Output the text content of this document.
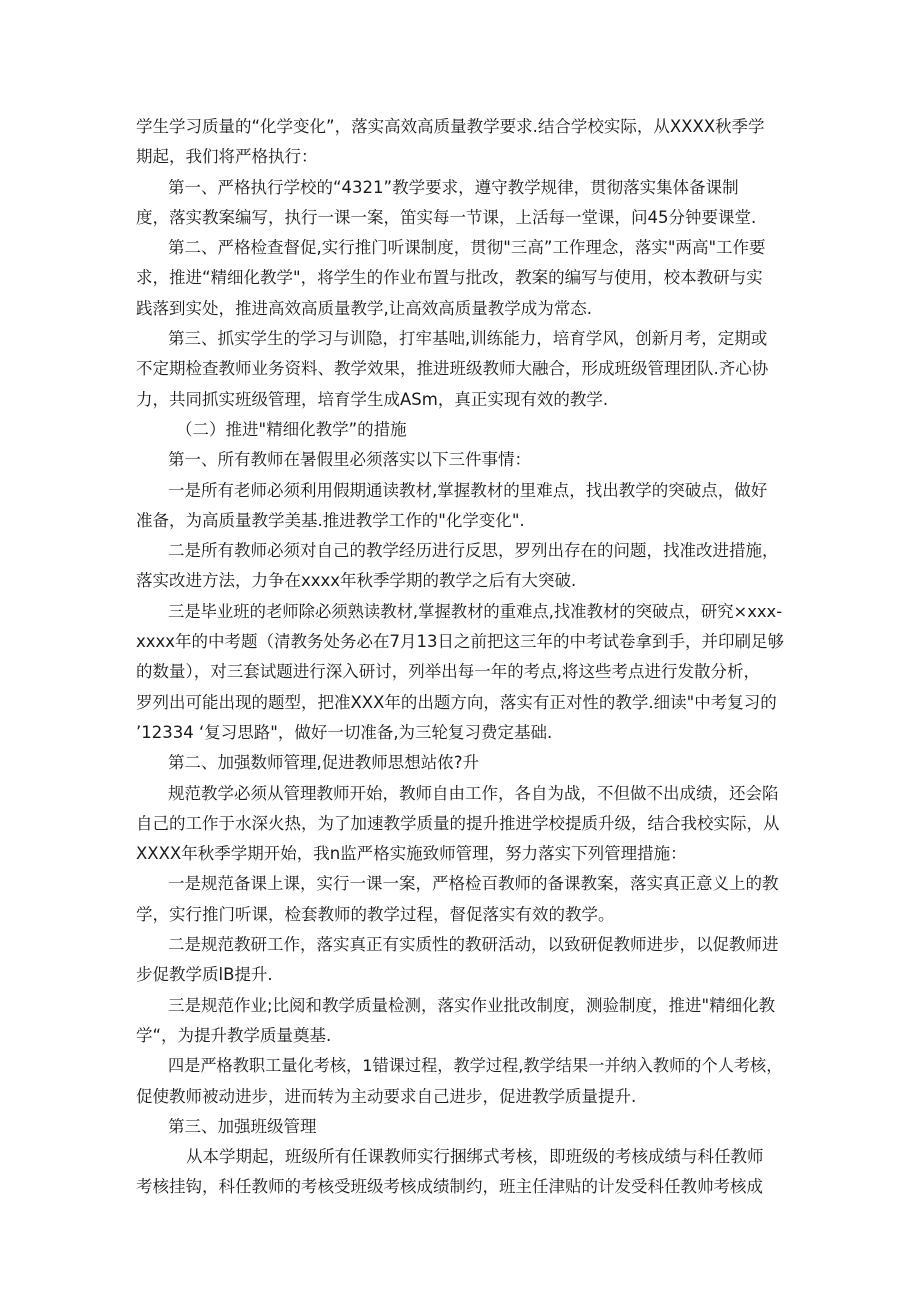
学生学习质量的“化学变化”，落实高效高质量教学要求.结合学校实际，从XXXX秋季学
期起，我们将严格执行：
第一、严格执行学校的“4321”教学要求，遵守教学规律，贯彻落实集体备课制
度，落实教案编写，执行一课一案，笛实每一节课，上活每一堂课，问45分钟要课堂.
第二、严格检查督促,实行推门听课制度，贯彻"三高”工作理念，落实"两高"工作要
求，推进“精细化教学"，将学生的作业布置与批改，教案的编写与使用，校本教研与实
践落到实处，推进高效高质量教学,让高效高质量教学成为常态.
第三、抓实学生的学习与训隐，打牢基咄,训练能力，培育学风，创新月考，定期或
不定期检查教师业务资料、教学效果，推进班级教师大融合，形成班级管理团队.齐心协
力，共同抓实班级管理，培育学生成ASm，真正实现有效的教学.
（二）推进"精细化教学”的措施
第一、所有教师在暑假里必须落实以下三件事情：
一是所有老师必须利用假期通读教材,掌握教材的里难点，找出教学的突破点，做好
准备，为高质量教学美基.推进教学工作的"化学变化".
二是所有教师必须对自己的教学经历进行反思，罗列出存在的问题，找准改进措施，
落实改进方法，力争在xxxx年秋季学期的教学之后有大突破.
三是毕业班的老师除必须熟读教材,掌握教材的重难点,找准教材的突破点，研究×xxx-
xxxx年的中考题（清教务处务必在7月13日之前把这三年的中考试卷拿到手，并印刷足够
的数量），对三套试题进行深入研讨，列举出每一年的考点,将这些考点进行发散分析，
罗列出可能出现的题型，把准XXX年的出题方向，落实有正对性的教学.细读"中考复习的
’12334 ‘复习思路"，做好一切准备,为三轮复习费定基础.
第二、加强数师管理,促进教师思想站侬?升
规范教学必须从管理教师开始，教师自由工作，各自为战，不但做不出成绩，还会陷
自己的工作于水深火热，为了加速教学质量的提升推进学校提质升级，结合我校实际，从
XXXX年秋季学期开始，我n监严格实施致师管理，努力落实下列管理措施：
一是规范备课上课，实行一课一案，严格检百教师的备课教案，落实真正意义上的教
学，实行推门听课，检套教师的教学过程，督促落实有效的教学。
二是规范教研工作，落实真正有实质性的教研活动，以致研促教师进步，以促教师进
步促教学质lB提升.
三是规范作业;比阅和教学质量检测，落实作业批改制度，测验制度，推进"精细化教
学“，为提升教学质量奠基.
四是严格教职工量化考核，1错课过程，教学过程,教学结果一并纳入教师的个人考核，
促使教师被动进步，进而转为主动要求自己进步，促进教学质量提升.
第三、加强班级管理
从本学期起，班级所有任课教师实行捆绑式考核，即班级的考核成绩与科任教师
考核挂钩，科任教师的考核受班级考核成绩制约，班主任津贴的计发受科任教帅考核成
